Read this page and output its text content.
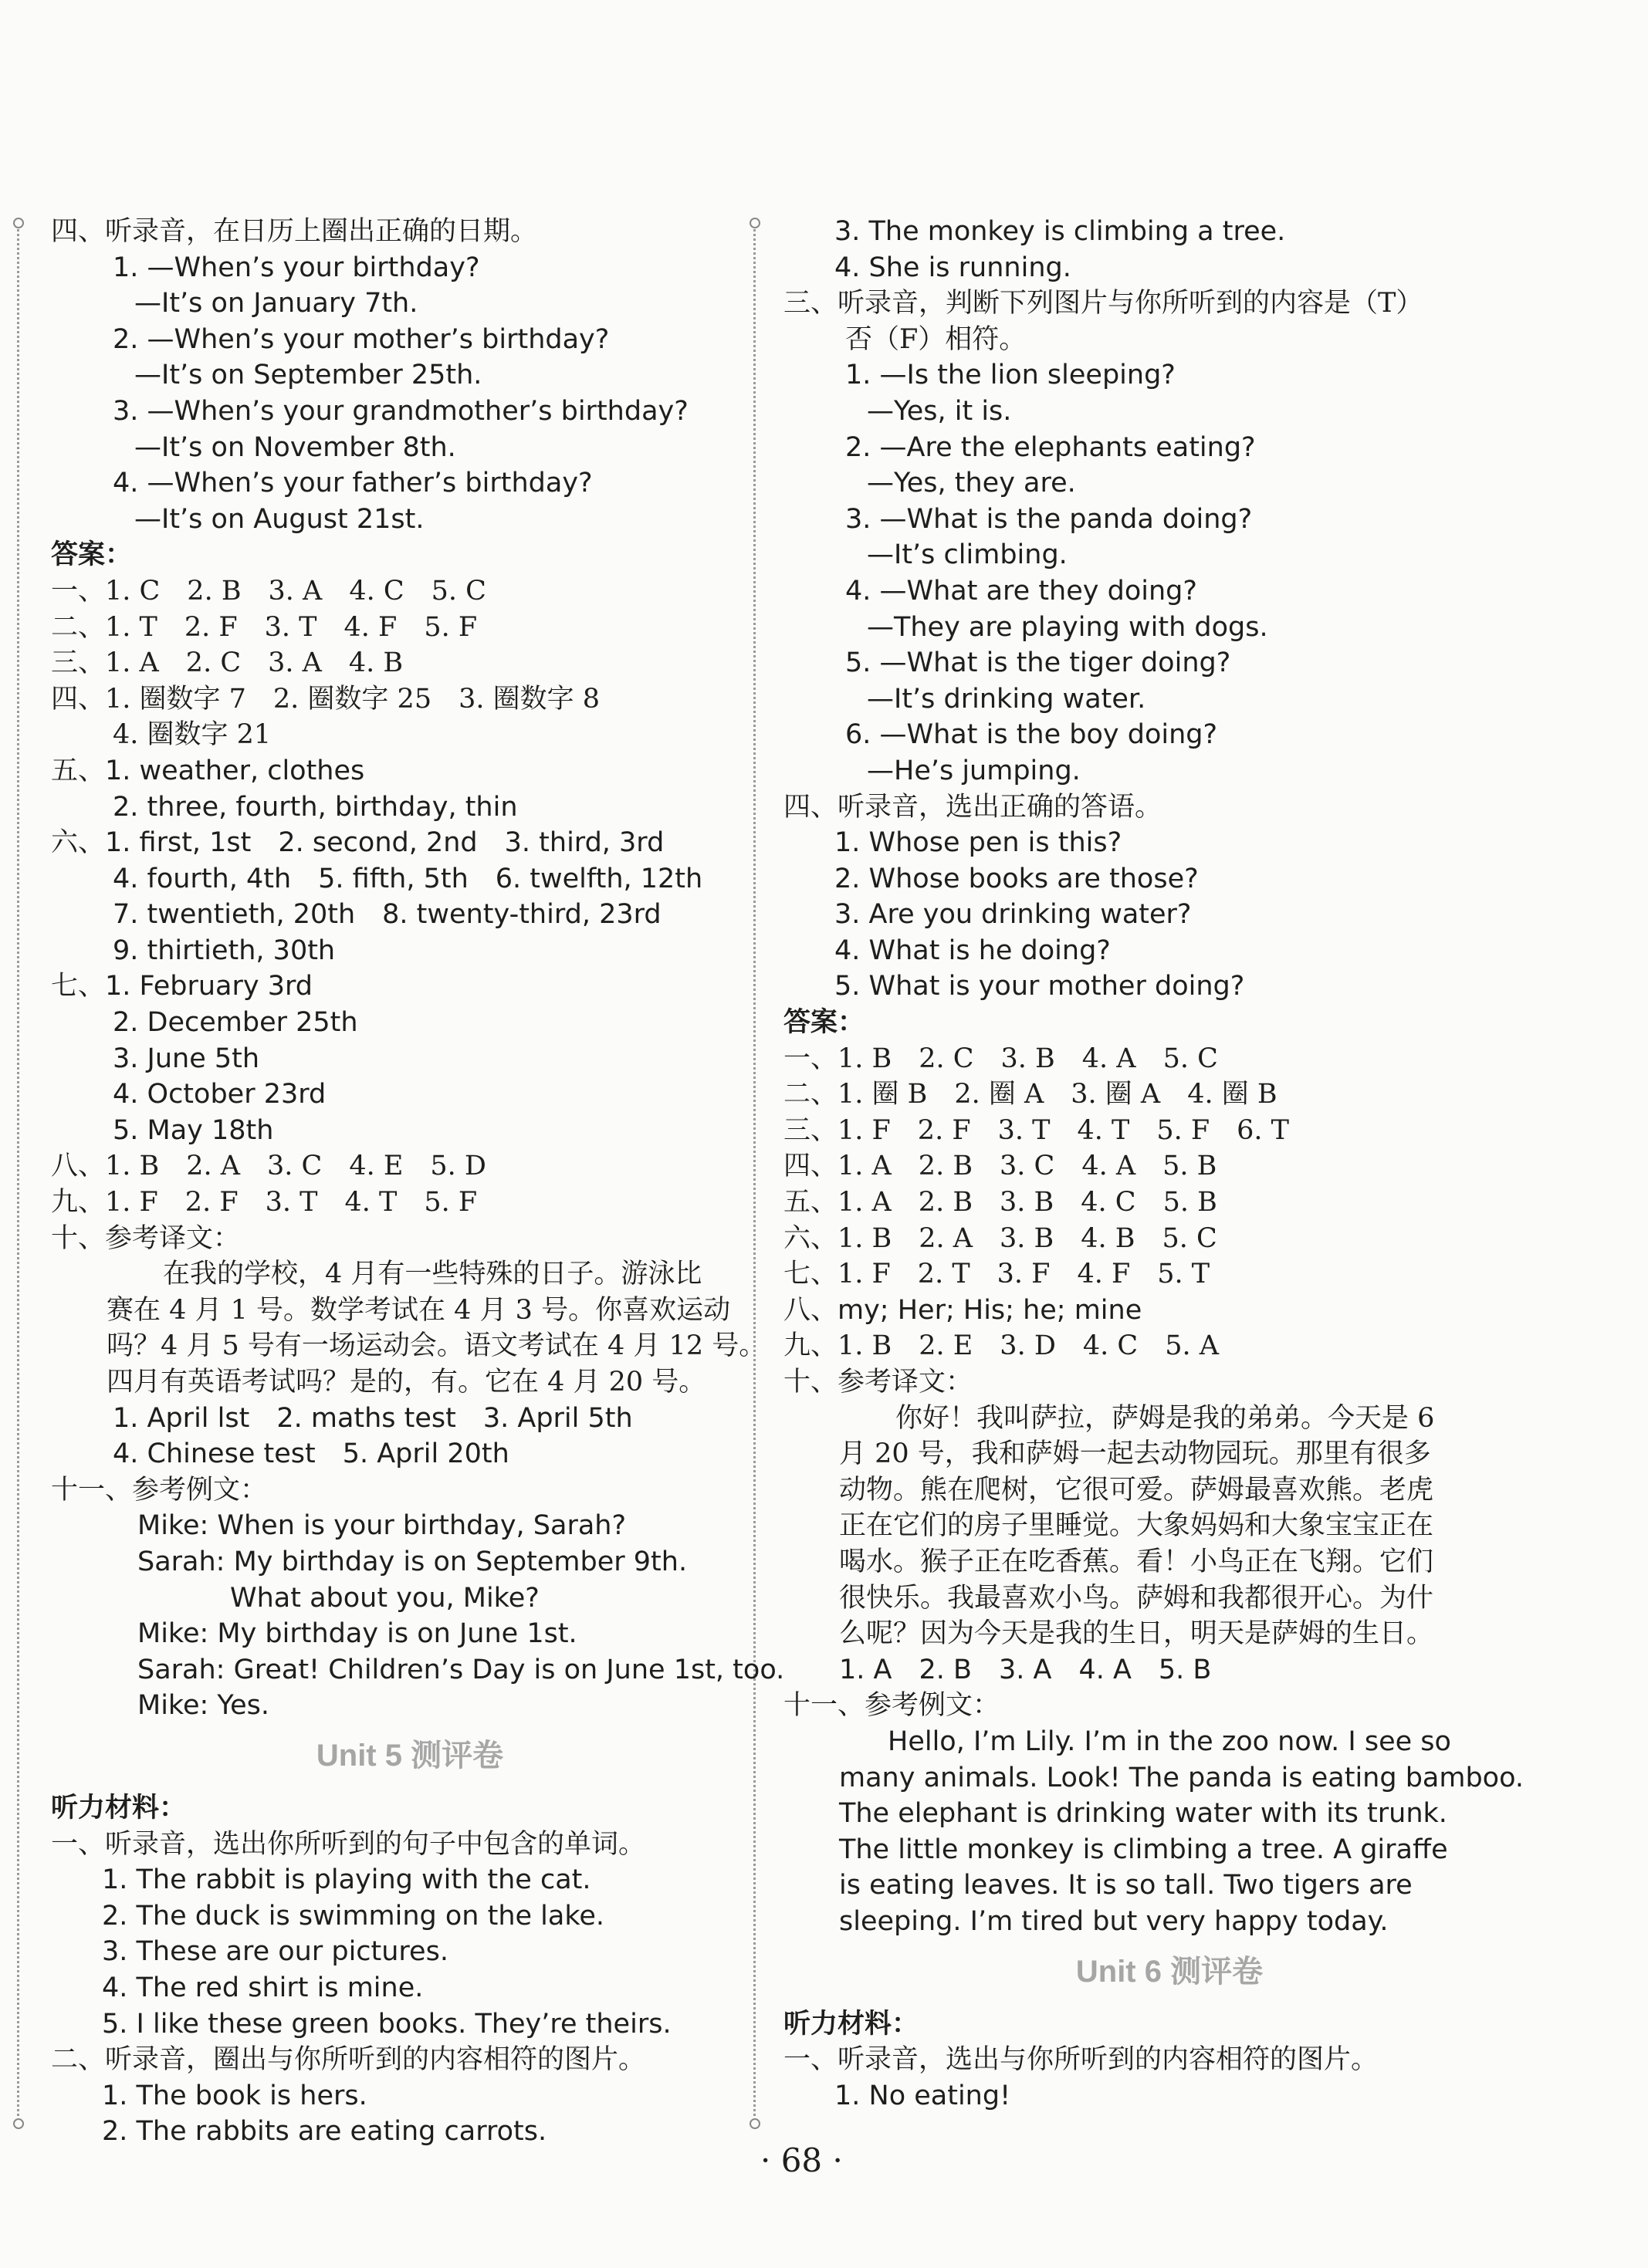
四、听录音，在日历上圈出正确的日期。
1. —When’s your birthday?
—It’s on January 7th.
2. —When’s your mother’s birthday?
—It’s on September 25th.
3. —When’s your grandmother’s birthday?
—It’s on November 8th.
4. —When’s your father’s birthday?
—It’s on August 21st.
答案：
一、1. C　2. B　3. A　4. C　5. C
二、1. T　2. F　3. T　4. F　5. F
三、1. A　2. C　3. A　4. B
四、1. 圈数字 7　2. 圈数字 25　3. 圈数字 8
4. 圈数字 21
五、1. weather, clothes
2. three, fourth, birthday, thin
六、1. first, 1st　2. second, 2nd　3. third, 3rd
4. fourth, 4th　5. fifth, 5th　6. twelfth, 12th
7. twentieth, 20th　8. twenty-third, 23rd
9. thirtieth, 30th
七、1. February 3rd
2. December 25th
3. June 5th
4. October 23rd
5. May 18th
八、1. B　2. A　3. C　4. E　5. D
九、1. F　2. F　3. T　4. T　5. F
十、参考译文：
在我的学校，4 月有一些特殊的日子。游泳比
赛在 4 月 1 号。数学考试在 4 月 3 号。你喜欢运动
吗？4 月 5 号有一场运动会。语文考试在 4 月 12 号。
四月有英语考试吗？是的，有。它在 4 月 20 号。
1. April lst　2. maths test　3. April 5th
4. Chinese test　5. April 20th
十一、参考例文：
Mike: When is your birthday, Sarah?
Sarah: My birthday is on September 9th.
What about you, Mike?
Mike: My birthday is on June 1st.
Sarah: Great! Children’s Day is on June 1st, too.
Mike: Yes.
Unit 5 测评卷
听力材料：
一、听录音，选出你所听到的句子中包含的单词。
1. The rabbit is playing with the cat.
2. The duck is swimming on the lake.
3. These are our pictures.
4. The red shirt is mine.
5. I like these green books. They’re theirs.
二、听录音，圈出与你所听到的内容相符的图片。
1. The book is hers.
2. The rabbits are eating carrots.
3. The monkey is climbing a tree.
4. She is running.
三、听录音，判断下列图片与你所听到的内容是（T）
否（F）相符。
1. —Is the lion sleeping?
—Yes, it is.
2. —Are the elephants eating?
—Yes, they are.
3. —What is the panda doing?
—It’s climbing.
4. —What are they doing?
—They are playing with dogs.
5. —What is the tiger doing?
—It’s drinking water.
6. —What is the boy doing?
—He’s jumping.
四、听录音，选出正确的答语。
1. Whose pen is this?
2. Whose books are those?
3. Are you drinking water?
4. What is he doing?
5. What is your mother doing?
答案：
一、1. B　2. C　3. B　4. A　5. C
二、1. 圈 B　2. 圈 A　3. 圈 A　4. 圈 B
三、1. F　2. F　3. T　4. T　5. F　6. T
四、1. A　2. B　3. C　4. A　5. B
五、1. A　2. B　3. B　4. C　5. B
六、1. B　2. A　3. B　4. B　5. C
七、1. F　2. T　3. F　4. F　5. T
八、my; Her; His; he; mine
九、1. B　2. E　3. D　4. C　5. A
十、参考译文：
你好！我叫萨拉，萨姆是我的弟弟。今天是 6
月 20 号，我和萨姆一起去动物园玩。那里有很多
动物。熊在爬树，它很可爱。萨姆最喜欢熊。老虎
正在它们的房子里睡觉。大象妈妈和大象宝宝正在
喝水。猴子正在吃香蕉。看！小鸟正在飞翔。它们
很快乐。我最喜欢小鸟。萨姆和我都很开心。为什
么呢？因为今天是我的生日，明天是萨姆的生日。
1. A　2. B　3. A　4. A　5. B
十一、参考例文：
Hello, I’m Lily. I’m in the zoo now. I see so
many animals. Look! The panda is eating bamboo.
The elephant is drinking water with its trunk.
The little monkey is climbing a tree. A giraffe
is eating leaves. It is so tall. Two tigers are
sleeping. I’m tired but very happy today.
Unit 6 测评卷
听力材料：
一、听录音，选出与你所听到的内容相符的图片。
1. No eating!
· 68 ·
